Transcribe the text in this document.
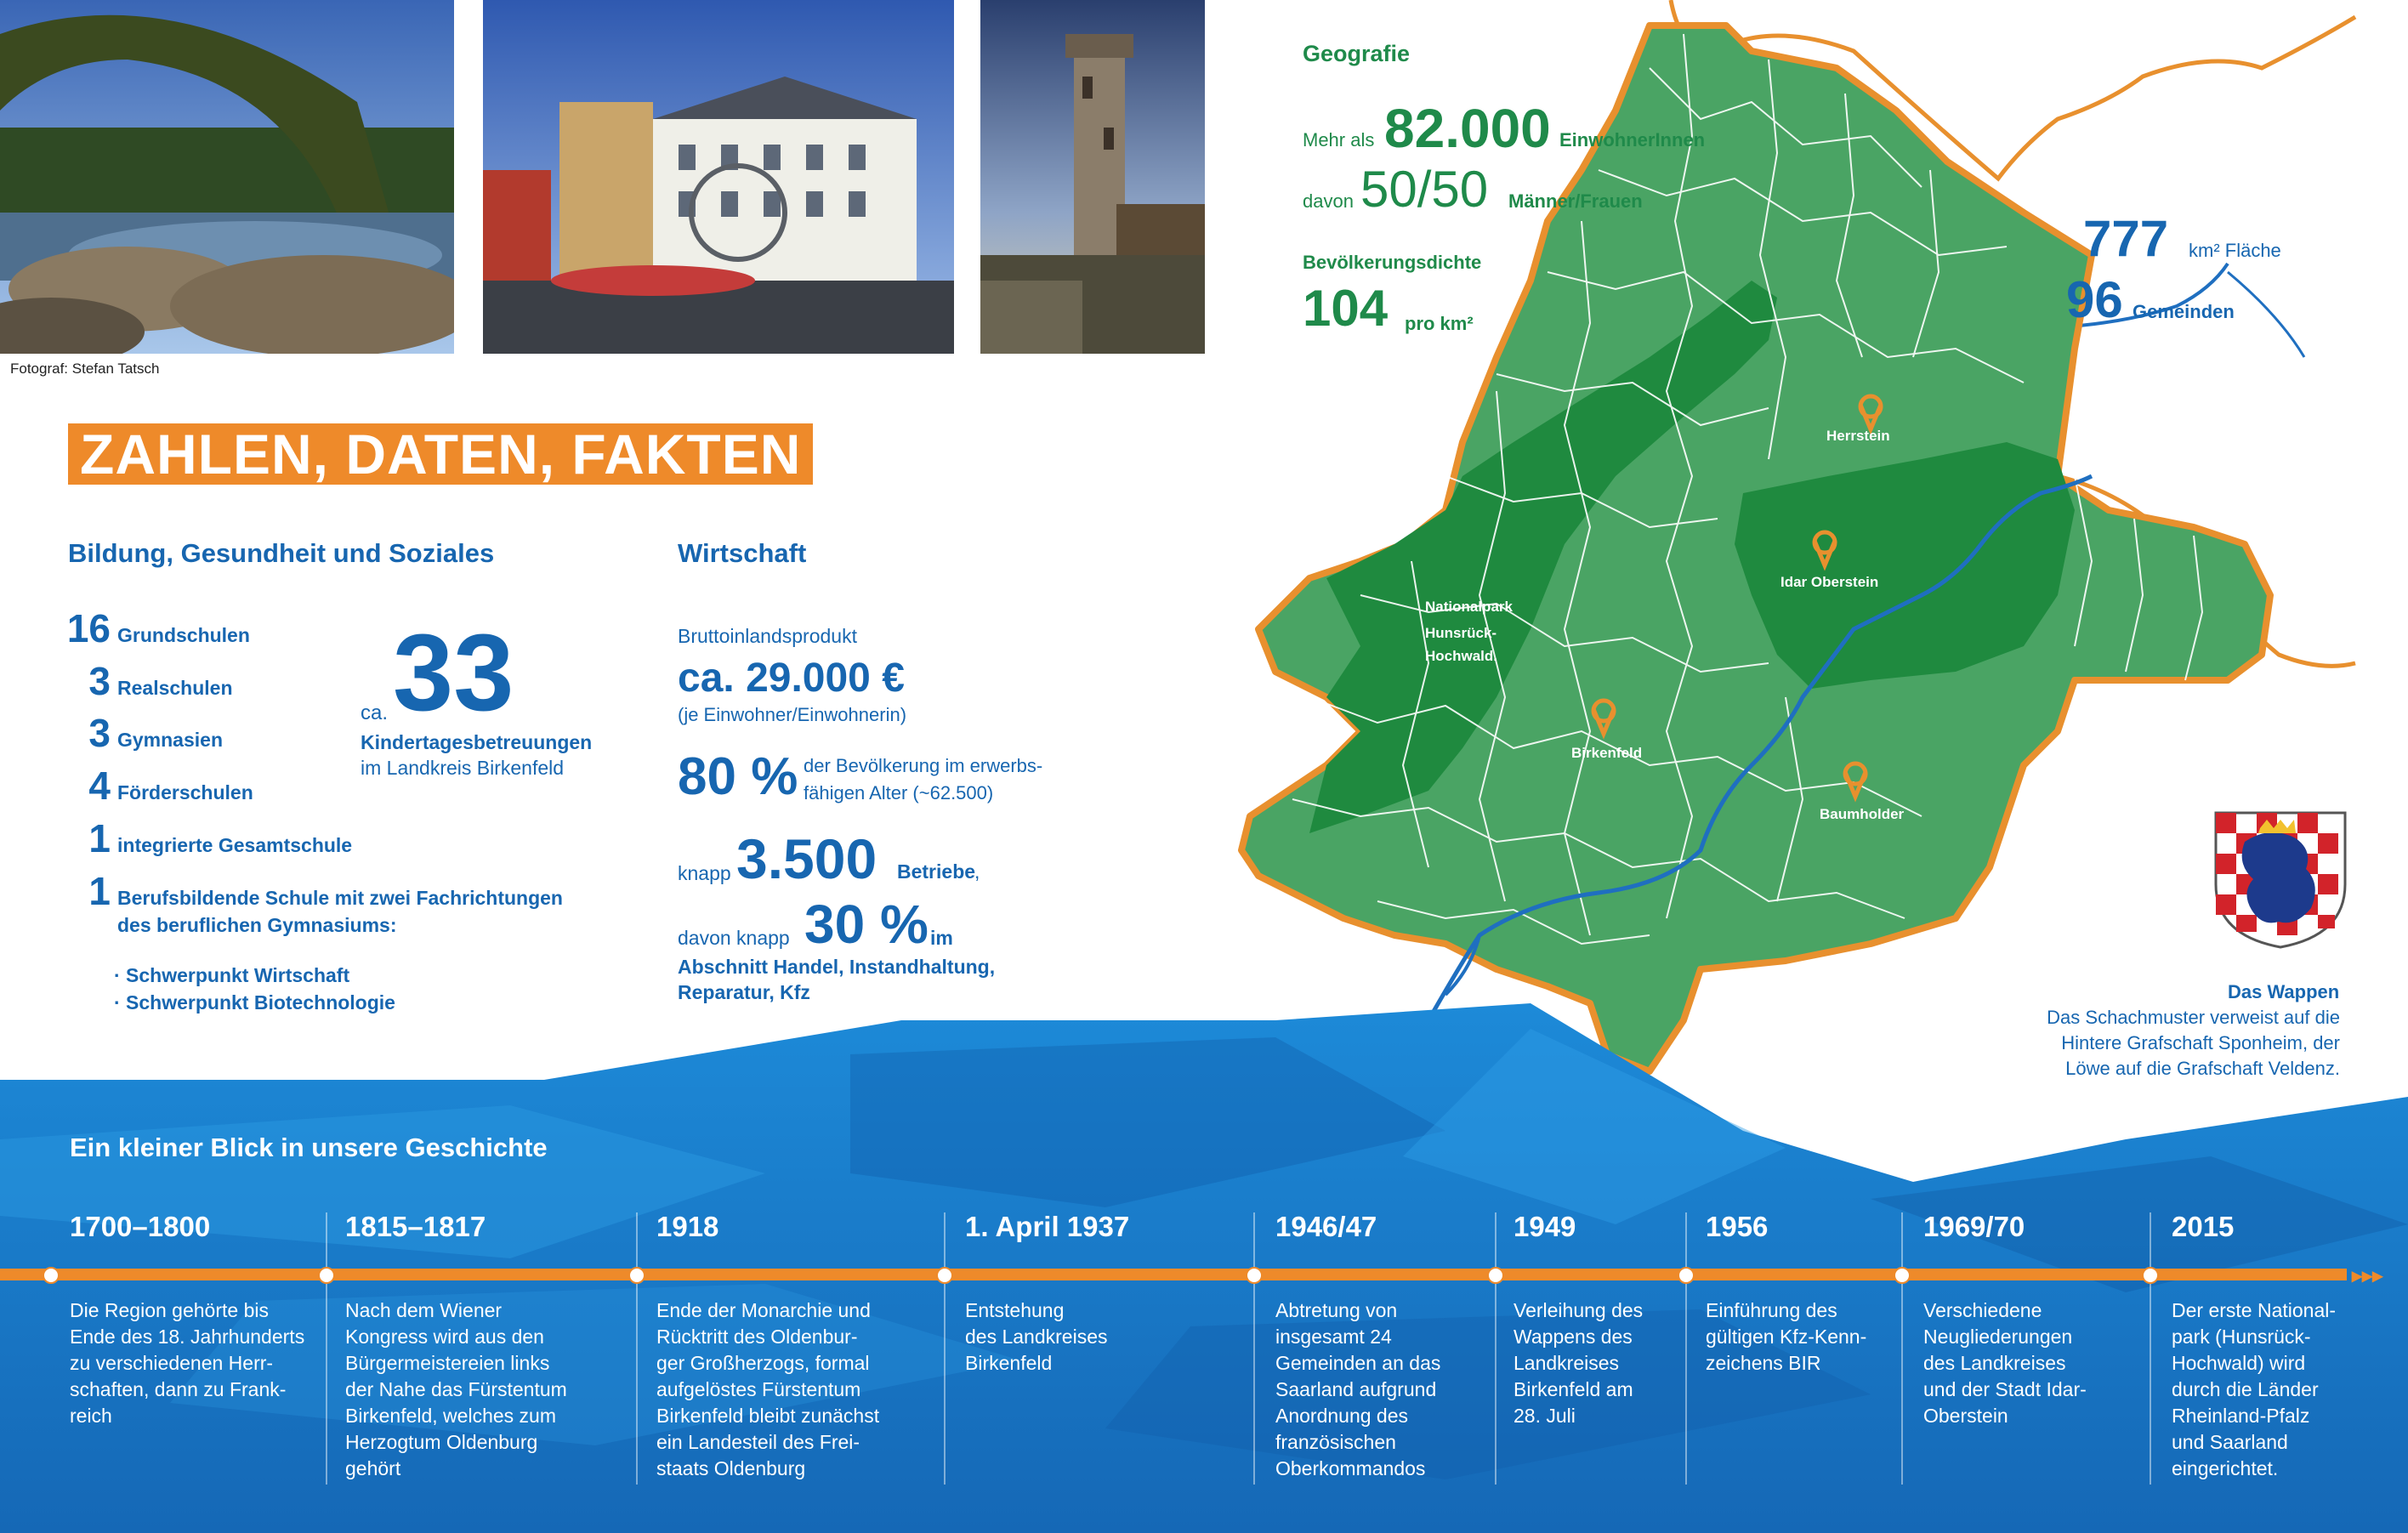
Fotograf: Stefan Tatsch
ZAHLEN, DATEN, FAKTEN
Bildung, Gesundheit und Soziales
16 Grundschulen
3 Realschulen
3 Gymnasien
4 Förderschulen
1 integrierte Gesamtschule
1 Berufsbildende Schule mit zwei Fachrichtungen
des beruflichen Gymnasiums:
· Schwerpunkt Wirtschaft
· Schwerpunkt Biotechnologie
ca. 33
Kindertagesbetreuungen
im Landkreis Birkenfeld
Wirtschaft
Bruttoinlandsprodukt
ca. 29.000 €
(je Einwohner/Einwohnerin)
80 % der Bevölkerung im erwerbs-
fähigen Alter (~62.500)
knapp 3.500 Betriebe
,
davon knapp 30 % im
Abschnitt Handel, Instandhaltung,
Reparatur, Kfz
Nationalpark
Hunsrück-
Hochwald.
Herrstein
Idar Oberstein
Birkenfeld
Baumholder
Geografie
Mehr als 82.000 EinwohnerInnen
davon 50/50 Männer/Frauen
Bevölkerungsdichte
104 pro km²
777 km² Fläche
96 Gemeinden
Das Wappen
Das Schachmuster verweist auf die
Hintere Grafschaft Sponheim, der
Löwe auf die Grafschaft Veldenz.
Ein kleiner Blick in unsere Geschichte
▸▸▸
1700–1800
Die Region gehörte bis
Ende des 18. Jahrhunderts
zu verschiedenen Herr-
schaften, dann zu Frank-
reich
1815–1817
Nach dem Wiener
Kongress wird aus den
Bürgermeistereien links
der Nahe das Fürstentum
Birkenfeld, welches zum
Herzogtum Oldenburg
gehört
1918
Ende der Monarchie und
Rücktritt des Oldenbur-
ger Großherzogs, formal
aufgelöstes Fürstentum
Birkenfeld bleibt zunächst
ein Landesteil des Frei-
staats Oldenburg
1. April 1937
Entstehung
des Landkreises
Birkenfeld
1946/47
Abtretung von
insgesamt 24
Gemeinden an das
Saarland aufgrund
Anordnung des
französischen
Oberkommandos
1949
Verleihung des
Wappens des
Landkreises
Birkenfeld am
28. Juli
1956
Einführung des
gültigen Kfz-Kenn-
zeichens BIR
1969/70
Verschiedene
Neugliederungen
des Landkreises
und der Stadt Idar-
Oberstein
2015
Der erste National-
park (Hunsrück-
Hochwald) wird
durch die Länder
Rheinland-Pfalz
und Saarland
eingerichtet.
